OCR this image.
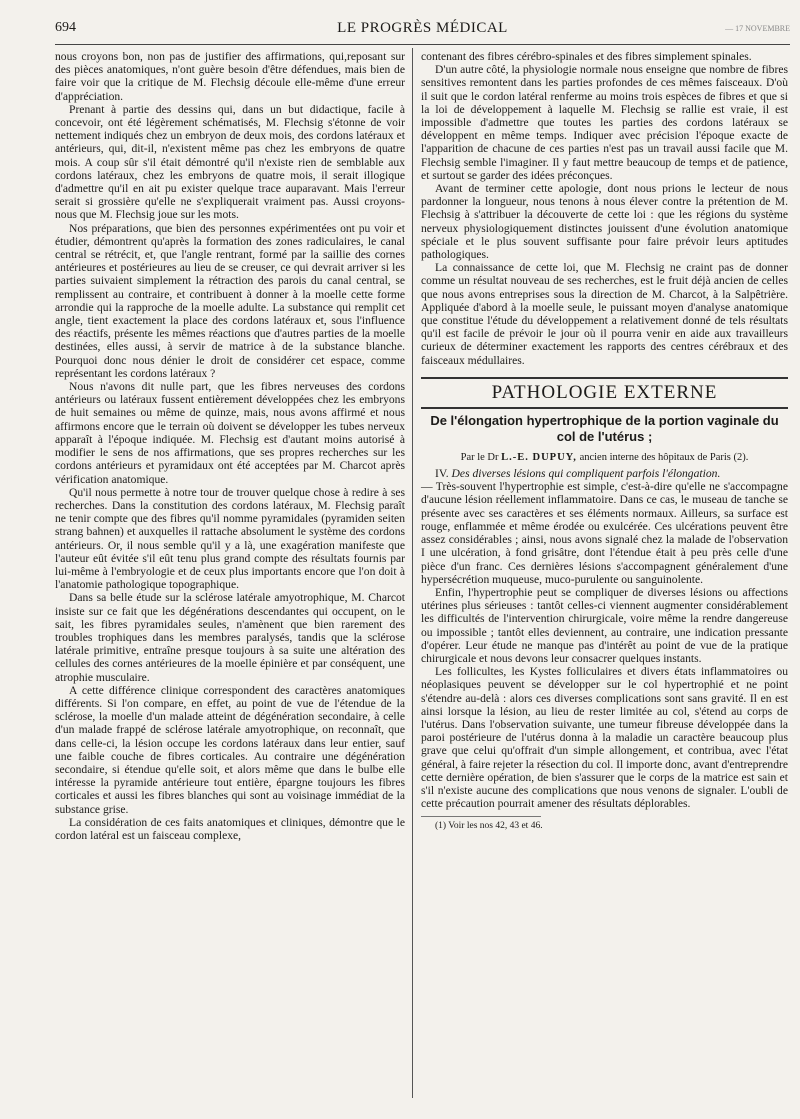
694	LE PROGRÈS MÉDICAL	— 17 NOVEMBRE

nous croyons bon, non pas de justifier des affirmations, qui,reposant sur des pièces anatomiques, n'ont guère besoin d'être défendues, mais bien de faire voir que la critique de M. Flechsig découle elle-même d'une erreur d'appréciation.

Prenant à partie des dessins qui, dans un but didactique, facile à concevoir, ont été légèrement schématisés, M. Flechsig s'étonne de voir nettement indiqués chez un embryon de deux mois, des cordons latéraux et antérieurs, qui, dit-il, n'existent même pas chez les embryons de quatre mois. A coup sûr s'il était démontré qu'il n'existe rien de semblable aux cordons latéraux, chez les embryons de quatre mois, il serait illogique d'admettre qu'il en ait pu exister quelque trace auparavant. Mais l'erreur serait si grossière qu'elle ne s'expliquerait vraiment pas. Aussi croyons-nous que M. Flechsig joue sur les mots.

Nos préparations, que bien des personnes expérimentées ont pu voir et étudier, démontrent qu'après la formation des zones radiculaires, le canal central se rétrécit, et, que l'angle rentrant, formé par la saillie des cornes antérieures et postérieures au lieu de se creuser, ce qui devrait arriver si les parties suivaient simplement la rétraction des parois du canal central, se remplissent au contraire, et contribuent à donner à la moelle cette forme arrondie qui la rapproche de la moelle adulte. La substance qui remplit cet angle, tient exactement la place des cordons latéraux et, sous l'influence des réactifs, présente les mêmes réactions que d'autres parties de la moelle destinées, elles aussi, à servir de matrice à de la substance blanche. Pourquoi donc nous dénier le droit de considérer cet espace, comme représentant les cordons latéraux ?

Nous n'avons dit nulle part, que les fibres nerveuses des cordons antérieurs ou latéraux fussent entièrement développées chez les embryons de huit semaines ou même de quinze, mais, nous avons affirmé et nous affirmons encore que le terrain où doivent se développer les tubes nerveux apparaît à l'époque indiquée. M. Flechsig est d'autant moins autorisé à modifier le sens de nos affirmations, que ses propres recherches sur les cordons antérieurs et pyramidaux ont été acceptées par M. Charcot après vérification anatomique.

Qu'il nous permette à notre tour de trouver quelque chose à redire à ses recherches. Dans la constitution des cordons latéraux, M. Flechsig paraît ne tenir compte que des fibres qu'il nomme pyramidales (pyramiden seiten strang bahnen) et auxquelles il rattache absolument le système des cordons antérieurs. Or, il nous semble qu'il y a là, une exagération manifeste que l'auteur eût évitée s'il eût tenu plus grand compte des résultats fournis par lui-même à l'embryologie et de ceux plus importants encore que l'on doit à l'anatomie pathologique topographique.

Dans sa belle étude sur la sclérose latérale amyotrophique, M. Charcot insiste sur ce fait que les dégénérations descendantes qui occupent, on le sait, les fibres pyramidales seules, n'amènent que bien rarement des troubles trophiques dans les membres paralysés, tandis que la sclérose latérale primitive, entraîne presque toujours à sa suite une altération des cellules des cornes antérieures de la moelle épinière et par conséquent, une atrophie musculaire.

A cette différence clinique correspondent des caractères anatomiques différents. Si l'on compare, en effet, au point de vue de l'étendue de la sclérose, la moelle d'un malade atteint de dégénération secondaire, à celle d'un malade frappé de sclérose latérale amyotrophique, on reconnaît, que dans celle-ci, la lésion occupe les cordons latéraux dans leur entier, sauf une faible couche de fibres corticales. Au contraire une dégénération secondaire, si étendue qu'elle soit, et alors même que dans le bulbe elle intéresse la pyramide antérieure tout entière, épargne toujours les fibres corticales et aussi les fibres blanches qui sont au voisinage immédiat de la substance grise.

La considération de ces faits anatomiques et cliniques, démontre que le cordon latéral est un faisceau complexe,

contenant des fibres cérébro-spinales et des fibres simplement spinales.

D'un autre côté, la physiologie normale nous enseigne que nombre de fibres sensitives remontent dans les parties profondes de ces mêmes faisceaux. D'où il suit que le cordon latéral renferme au moins trois espèces de fibres et que si la loi de développement à laquelle M. Flechsig se rallie est vraie, il est impossible d'admettre que toutes les parties des cordons latéraux se développent en même temps. Indiquer avec précision l'époque exacte de l'apparition de chacune de ces parties n'est pas un travail aussi facile que M. Flechsig semble l'imaginer. Il y faut mettre beaucoup de temps et de patience, et surtout se garder des idées préconçues.

Avant de terminer cette apologie, dont nous prions le lecteur de nous pardonner la longueur, nous tenons à nous élever contre la prétention de M. Flechsig à s'attribuer la découverte de cette loi : que les régions du système nerveux physiologiquement distinctes jouissent d'une évolution anatomique spéciale et le plus souvent suffisante pour faire prévoir leurs aptitudes pathologiques.

La connaissance de cette loi, que M. Flechsig ne craint pas de donner comme un résultat nouveau de ses recherches, est le fruit déjà ancien de celles que nous avons entreprises sous la direction de M. Charcot, à la Salpêtrière. Appliquée d'abord à la moelle seule, le puissant moyen d'analyse anatomique que constitue l'étude du développement a relativement donné de tels résultats qu'il est facile de prévoir le jour où il pourra venir en aide aux travailleurs curieux de déterminer exactement les rapports des centres cérébraux et des faisceaux médullaires.

PATHOLOGIE EXTERNE
De l'élongation hypertrophique de la portion vaginale du col de l'utérus ;
Par le Dr L.-E. DUPUY, ancien interne des hôpitaux de Paris (2).

IV. Des diverses lésions qui compliquent parfois l'élongation.

— Très-souvent l'hypertrophie est simple, c'est-à-dire qu'elle ne s'accompagne d'aucune lésion réellement inflammatoire. Dans ce cas, le museau de tanche se présente avec ses caractères et ses éléments normaux. Ailleurs, sa surface est rouge, enflammée et même érodée ou exulcérée. Ces ulcérations peuvent être assez considérables ; ainsi, nous avons signalé chez la malade de l'observation I une ulcération, à fond grisâtre, dont l'étendue était à peu près celle d'une pièce d'un franc. Ces dernières lésions s'accompagnent généralement d'une hypersécrétion muqueuse, muco-purulente ou sanguinolente.

Enfin, l'hypertrophie peut se compliquer de diverses lésions ou affections utérines plus sérieuses : tantôt celles-ci viennent augmenter considérablement les difficultés de l'intervention chirurgicale, voire même la rendre dangereuse ou impossible ; tantôt elles deviennent, au contraire, une indication pressante d'opérer. Leur étude ne manque pas d'intérêt au point de vue de la pratique chirurgicale et nous devons leur consacrer quelques instants.

Les follicultes, les Kystes folliculaires et divers états inflammatoires ou néoplasiques peuvent se développer sur le col hypertrophié et ne point s'étendre au-delà : alors ces diverses complications sont sans gravité. Il en est ainsi lorsque la lésion, au lieu de rester limitée au col, s'étend au corps de l'utérus. Dans l'observation suivante, une tumeur fibreuse développée dans la paroi postérieure de l'utérus donna à la maladie un caractère beaucoup plus grave que celui qu'offrait d'un simple allongement, et contribua, avec l'état général, à faire rejeter la résection du col. Il importe donc, avant d'entreprendre cette dernière opération, de bien s'assurer que le corps de la matrice est sain et s'il n'existe aucune des complications que nous venons de signaler. L'oubli de cette précaution pourrait amener des résultats déplorables.

(1) Voir les nos 42, 43 et 46.
